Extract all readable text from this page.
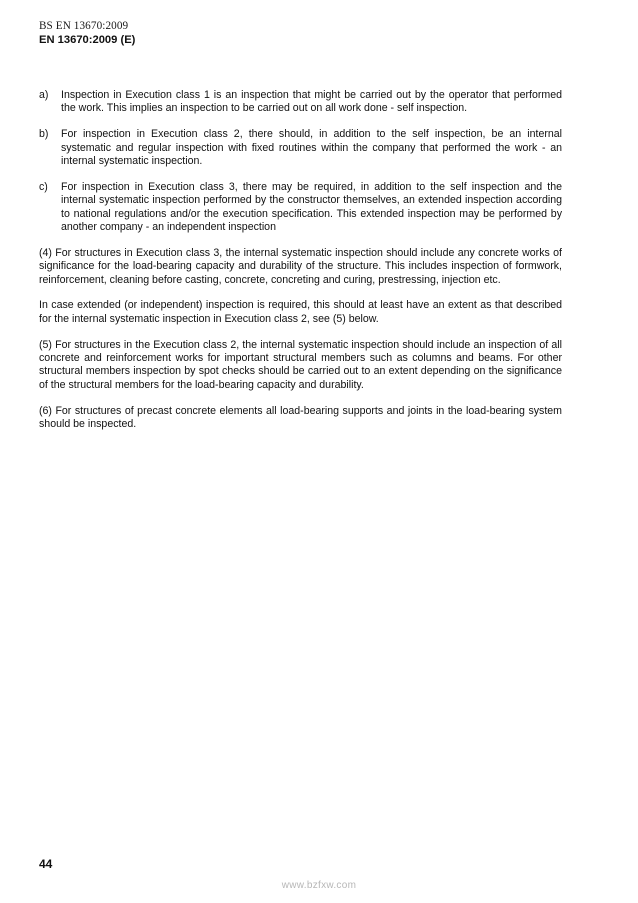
BS EN 13670:2009
EN 13670:2009 (E)
a)	Inspection in Execution class 1 is an inspection that might be carried out by the operator that performed the work. This implies an inspection to be carried out on all work done - self inspection.
b)	For inspection in Execution class 2, there should, in addition to the self inspection, be an internal systematic and regular inspection with fixed routines within the company that performed the work - an internal systematic inspection.
c)	For inspection in Execution class 3, there may be required, in addition to the self inspection and the internal systematic inspection performed by the constructor themselves, an extended inspection according to national regulations and/or the execution specification. This extended inspection may be performed by another company - an independent inspection

(4) For structures in Execution class 3, the internal systematic inspection should include any concrete works of significance for the load-bearing capacity and durability of the structure. This includes inspection of formwork, reinforcement, cleaning before casting, concrete, concreting and curing, prestressing, injection etc.

In case extended (or independent) inspection is required, this should at least have an extent as that described for the internal systematic inspection in Execution class 2, see (5) below.

(5) For structures in the Execution class 2, the internal systematic inspection should include an inspection of all concrete and reinforcement works for important structural members such as columns and beams. For other structural members inspection by spot checks should be carried out to an extent depending on the significance of the structural members for the load-bearing capacity and durability.

(6) For structures of precast concrete elements all load-bearing supports and joints in the load-bearing system should be inspected.

44
www.bzfxw.com
